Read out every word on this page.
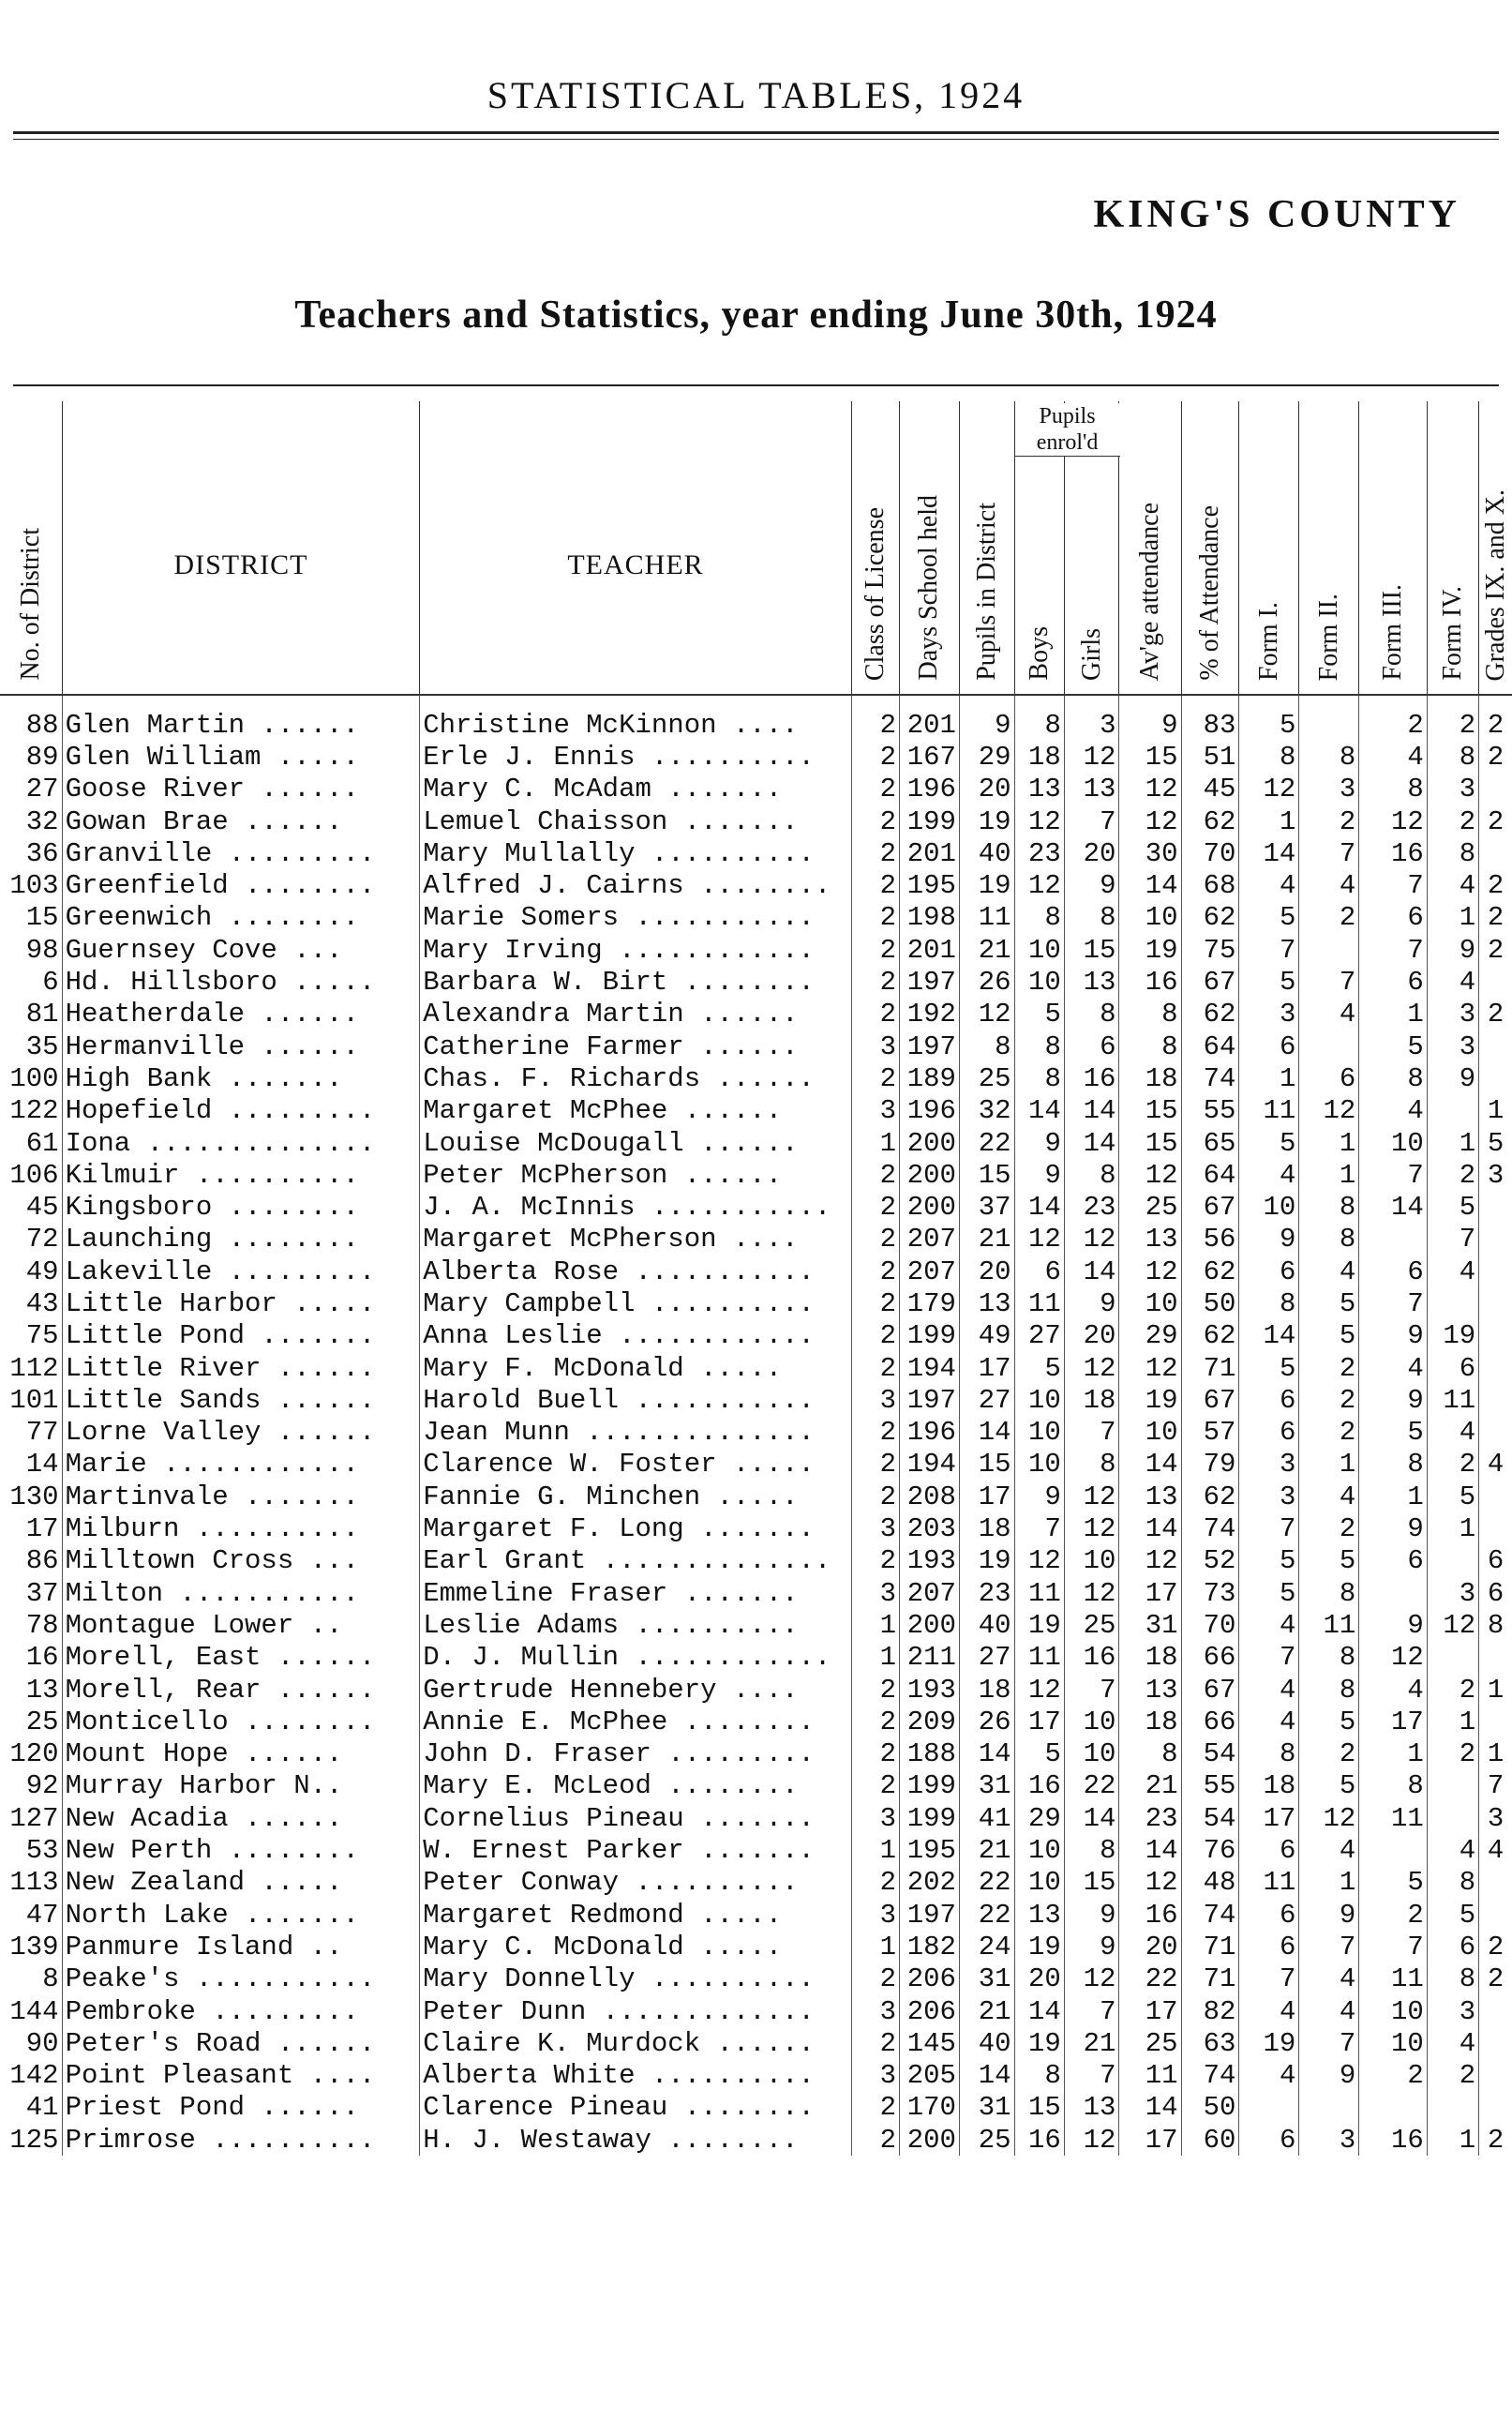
STATISTICAL TABLES, 1924
KING'S COUNTY
Teachers and Statistics, year ending June 30th, 1924
No. of District	DISTRICT	TEACHER	Class of License	Days School held	Pupils in District	Pupils enrol'd
Boys	Girls	Av'ge attendance	% of Attendance	Form I.	Form II.	Form III.	Form IV.	Grades IX. and X.

88	Glen Martin ......	Christine McKinnon ....	2	201	9	8	3	9	83	5		2	2	2
89	Glen William .....	Erle J. Ennis ..........	2	167	29	18	12	15	51	8	8	4	8	2
27	Goose River ......	Mary C. McAdam .......	2	196	20	13	13	12	45	12	3	8	3	
32	Gowan Brae ......	Lemuel Chaisson .......	2	199	19	12	7	12	62	1	2	12	2	2
36	Granville .........	Mary Mullally ..........	2	201	40	23	20	30	70	14	7	16	8	
103	Greenfield ........	Alfred J. Cairns ........	2	195	19	12	9	14	68	4	4	7	4	2
15	Greenwich ........	Marie Somers ...........	2	198	11	8	8	10	62	5	2	6	1	2
98	Guernsey Cove ...	Mary Irving ............	2	201	21	10	15	19	75	7		7	9	2
6	Hd. Hillsboro .....	Barbara W. Birt ........	2	197	26	10	13	16	67	5	7	6	4	
81	Heatherdale ......	Alexandra Martin ......	2	192	12	5	8	8	62	3	4	1	3	2
35	Hermanville ......	Catherine Farmer ......	3	197	8	8	6	8	64	6		5	3	
100	High Bank .......	Chas. F. Richards ......	2	189	25	8	16	18	74	1	6	8	9	
122	Hopefield .........	Margaret McPhee ......	3	196	32	14	14	15	55	11	12	4		1
61	Iona ..............	Louise McDougall ......	1	200	22	9	14	15	65	5	1	10	1	5
106	Kilmuir ..........	Peter McPherson ......	2	200	15	9	8	12	64	4	1	7	2	3
45	Kingsboro ........	J. A. McInnis ...........	2	200	37	14	23	25	67	10	8	14	5	
72	Launching ........	Margaret McPherson ....	2	207	21	12	12	13	56	9	8		7	
49	Lakeville .........	Alberta Rose ...........	2	207	20	6	14	12	62	6	4	6	4	
43	Little Harbor .....	Mary Campbell ..........	2	179	13	11	9	10	50	8	5	7		
75	Little Pond .......	Anna Leslie ............	2	199	49	27	20	29	62	14	5	9	19	
112	Little River ......	Mary F. McDonald .....	2	194	17	5	12	12	71	5	2	4	6	
101	Little Sands ......	Harold Buell ...........	3	197	27	10	18	19	67	6	2	9	11	
77	Lorne Valley ......	Jean Munn ..............	2	196	14	10	7	10	57	6	2	5	4	
14	Marie ............	Clarence W. Foster .....	2	194	15	10	8	14	79	3	1	8	2	4
130	Martinvale .......	Fannie G. Minchen .....	2	208	17	9	12	13	62	3	4	1	5	
17	Milburn ..........	Margaret F. Long .......	3	203	18	7	12	14	74	7	2	9	1	
86	Milltown Cross ...	Earl Grant ..............	2	193	19	12	10	12	52	5	5	6		6
37	Milton ...........	Emmeline Fraser .......	3	207	23	11	12	17	73	5	8		3	6
78	Montague Lower ..	Leslie Adams ..........	1	200	40	19	25	31	70	4	11	9	12	8
16	Morell, East ......	D. J. Mullin ............	1	211	27	11	16	18	66	7	8	12		
13	Morell, Rear ......	Gertrude Hennebery ....	2	193	18	12	7	13	67	4	8	4	2	1
25	Monticello ........	Annie E. McPhee ........	2	209	26	17	10	18	66	4	5	17	1	
120	Mount Hope ......	John D. Fraser .........	2	188	14	5	10	8	54	8	2	1	2	1
92	Murray Harbor N..	Mary E. McLeod ........	2	199	31	16	22	21	55	18	5	8		7
127	New Acadia ......	Cornelius Pineau .......	3	199	41	29	14	23	54	17	12	11		3
53	New Perth ........	W. Ernest Parker .......	1	195	21	10	8	14	76	6	4		4	4
113	New Zealand .....	Peter Conway ..........	2	202	22	10	15	12	48	11	1	5	8	
47	North Lake .......	Margaret Redmond .....	3	197	22	13	9	16	74	6	9	2	5	
139	Panmure Island ..	Mary C. McDonald .....	1	182	24	19	9	20	71	6	7	7	6	2
8	Peake's ...........	Mary Donnelly ..........	2	206	31	20	12	22	71	7	4	11	8	2
144	Pembroke .........	Peter Dunn .............	3	206	21	14	7	17	82	4	4	10	3	
90	Peter's Road ......	Claire K. Murdock ......	2	145	40	19	21	25	63	19	7	10	4	
142	Point Pleasant ....	Alberta White ..........	3	205	14	8	7	11	74	4	9	2	2	
41	Priest Pond ......	Clarence Pineau ........	2	170	31	15	13	14	50					
125	Primrose ..........	H. J. Westaway ........	2	200	25	16	12	17	60	6	3	16	1	2
